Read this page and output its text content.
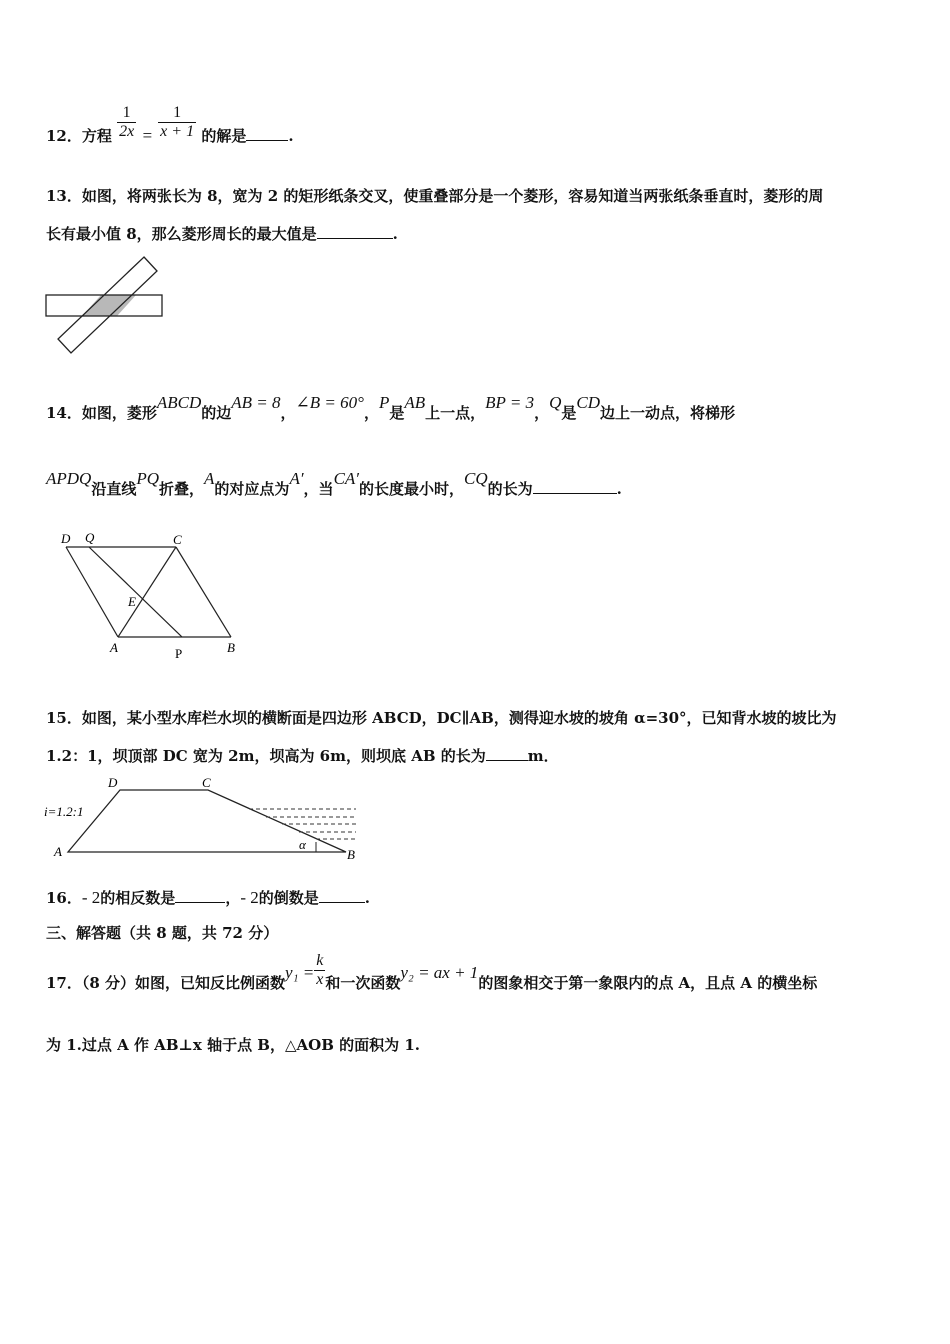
12．方程 $\frac{1}{2x} = \frac{1}{x + 1}$ 的解是	.
13．如图，将两张长为 8，宽为 2 的矩形纸条交叉，使重叠部分是一个菱形，容易知道当两张纸条垂直时，菱形的周
长有最小值 8，那么菱形周长的最大值是	.
14．如图，菱形ABCD的边AB = 8，∠B = 60°，P是AB上一点，BP = 3，Q是CD边上一动点，将梯形
APDQ沿直线PQ折叠，A的对应点为A′，当CA′的长度最小时，CQ的长为	.
D Q	C
E
A	P	B
15．如图，某小型水库栏水坝的横断面是四边形 ABCD，DC∥AB，测得迎水坡的坡角 α=30°，已知背水坡的坡比为
1.2：1，坝顶部 DC 宽为 2m，坝高为 6m，则坝底 AB 的长为	m．
i=1.2:1
D	C
A	B
α
16．- 2的相反数是	，- 2的倒数是	.
三、解答题（共 8 题，共 72 分）
17．（8 分）如图，已知反比例函数$y_1 = \frac{k}{x}$ 和一次函数y₂ = ax + 1的图象相交于第一象限内的点 A，且点 A 的横坐标
为 1.过点 A 作 AB⊥x 轴于点 B，△AOB 的面积为 1.
